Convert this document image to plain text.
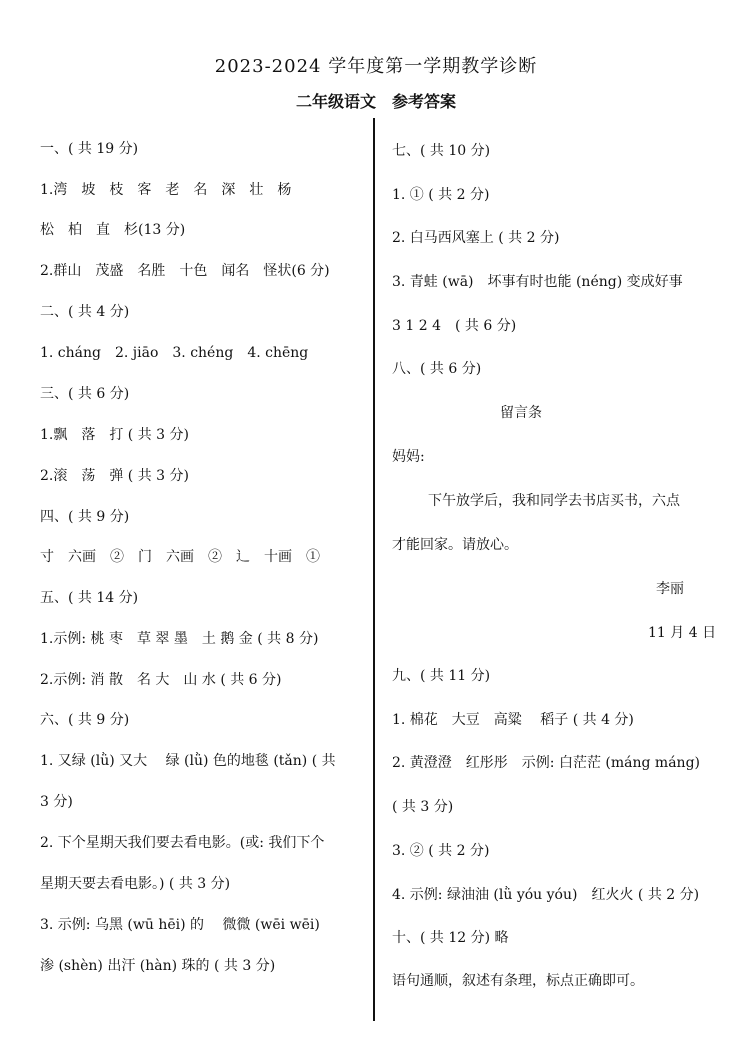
2023-2024 学年度第一学期教学诊断
二年级语文　参考答案
一、( 共 19 分)
1.湾　坡　枝　客　老　名　深　壮　杨
松　柏　直　杉(13 分)
2.群山　茂盛　名胜　十色　闻名　怪状(6 分)
二、( 共 4 分)
1. cháng　2. jiāo　3. chéng　4. chēng
三、( 共 6 分)
1.飘　落　打 ( 共 3 分)
2.滚　荡　弹 ( 共 3 分)
四、( 共 9 分)
寸　六画　②　门　六画　②　辶　十画　①
五、( 共 14 分)
1.示例: 桃 枣　草 翠 墨　土 鹅 金 ( 共 8 分)
2.示例: 消 散　名 大　山 水 ( 共 6 分)
六、( 共 9 分)
1. 又绿 (lǜ) 又大　 绿 (lǜ) 色的地毯 (tǎn) ( 共
3 分)
2. 下个星期天我们要去看电影。(或: 我们下个
星期天要去看电影。) ( 共 3 分)
3. 示例: 乌黑 (wū hēi) 的　 微微 (wēi wēi)
渗 (shèn) 出汗 (hàn) 珠的 ( 共 3 分)
七、( 共 10 分)
1. ① ( 共 2 分)
2. 白马西风塞上 ( 共 2 分)
3. 青蛙 (wā)　坏事有时也能 (néng) 变成好事
3 1 2 4　( 共 6 分)
八、( 共 6 分)
留言条
妈妈:
下午放学后，我和同学去书店买书，六点
才能回家。请放心。
李丽
11 月 4 日
九、( 共 11 分)
1. 棉花　大豆　高粱　 稻子 ( 共 4 分)
2. 黄澄澄　红彤彤　示例: 白茫茫 (máng máng)
( 共 3 分)
3. ② ( 共 2 分)
4. 示例: 绿油油 (lǜ yóu yóu)　红火火 ( 共 2 分)
十、( 共 12 分) 略
语句通顺，叙述有条理，标点正确即可。
